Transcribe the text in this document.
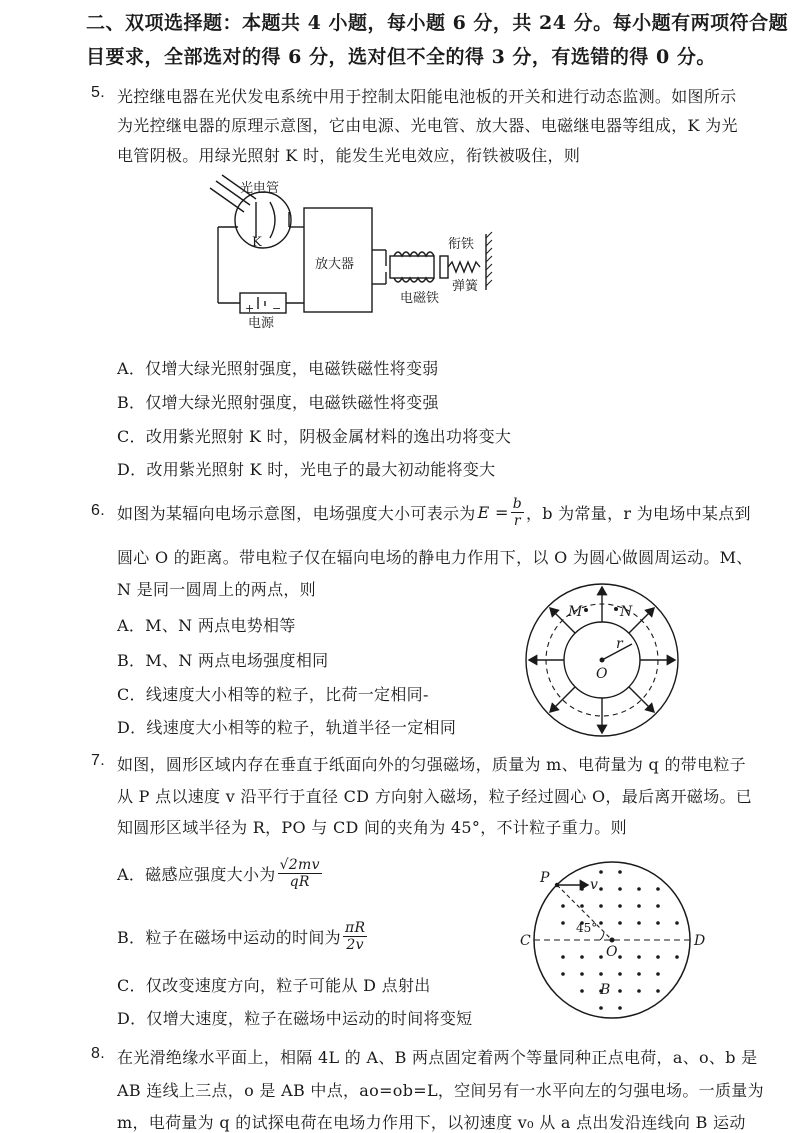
二、双项选择题：本题共 4 小题，每小题 6 分，共 24 分。每小题有两项符合题
目要求，全部选对的得 6 分，选对但不全的得 3 分，有选错的得 0 分。
5. 光控继电器在光伏发电系统中用于控制太阳能电池板的开关和进行动态监测。如图所示
为光控继电器的原理示意图，它由电源、光电管、放大器、电磁继电器等组成，K 为光
电管阴极。用绿光照射 K 时，能发生光电效应，衔铁被吸住，则
光电管
K
放大器
衔铁
弹簧
电磁铁
电源
+ −
A．仅增大绿光照射强度，电磁铁磁性将变弱
B．仅增大绿光照射强度，电磁铁磁性将变强
C．改用紫光照射 K 时，阴极金属材料的逸出功将变大
D．改用紫光照射 K 时，光电子的最大初动能将变大
6. 如图为某辐向电场示意图，电场强度大小可表示为 $E = \frac{b}{r}$ ，b 为常量，r 为电场中某点到
圆心 O 的距离。带电粒子仅在辐向电场的静电力作用下，以 O 为圆心做圆周运动。M、
N 是同一圆周上的两点，则
A．M、N 两点电势相等
B．M、N 两点电场强度相同
C．线速度大小相等的粒子，比荷一定相同-
D．线速度大小相等的粒子，轨道半径一定相同
M	N
r
O
7. 如图，圆形区域内存在垂直于纸面向外的匀强磁场，质量为 m、电荷量为 q 的带电粒子
从 P 点以速度 v 沿平行于直径 CD 方向射入磁场，粒子经过圆心 O，最后离开磁场。已
知圆形区域半径为 R，PO 与 CD 间的夹角为 45°，不计粒子重力。则
A．磁感应强度大小为 $\frac{√2mv}{qR}$
B．粒子在磁场中运动的时间为 $\frac{\pi R}{2v}$
C．仅改变速度方向，粒子可能从 D 点射出
D．仅增大速度，粒子在磁场中运动的时间将变短
P	v
C	D
O
B
45°
8. 在光滑绝缘水平面上，相隔 4L 的 A、B 两点固定着两个等量同种正点电荷，a、o、b 是
AB 连线上三点，o 是 AB 中点，ao=ob=L，空间另有一水平向左的匀强电场。一质量为
m，电荷量为 q 的试探电荷在电场力作用下，以初速度 v₀ 从 a 点出发沿连线向 B 运动
